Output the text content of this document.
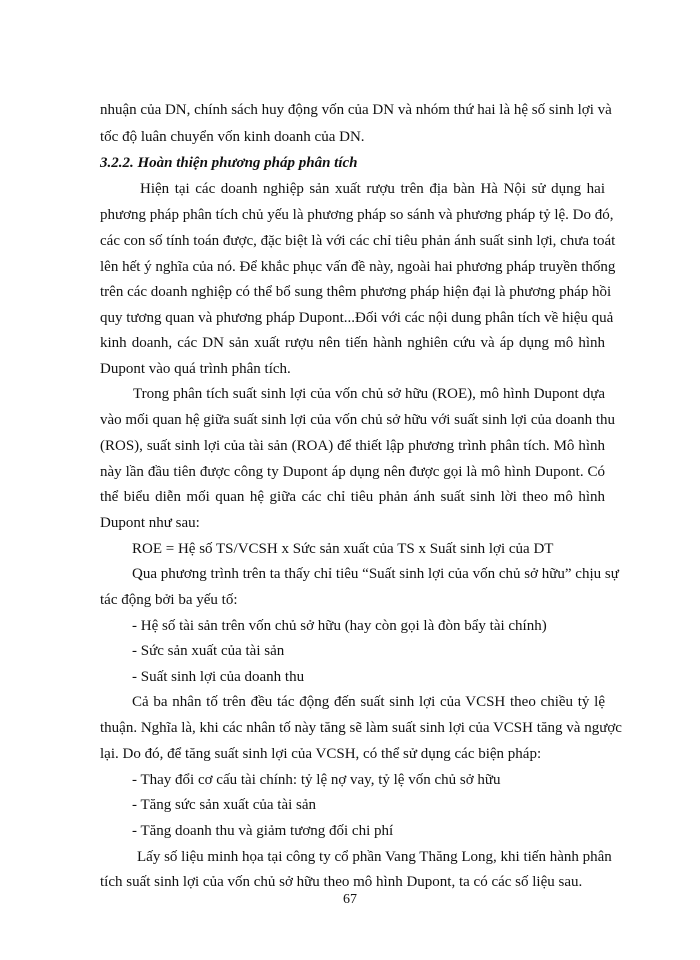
nhuận của DN, chính sách huy động vốn của DN và nhóm thứ hai là hệ số sinh lợi và

tốc độ luân chuyển vốn kinh doanh của DN.

3.2.2. Hoàn thiện phương pháp phân tích

Hiện tại các doanh nghiệp sản xuất rượu trên địa bàn Hà Nội sử dụng hai

phương pháp phân tích chủ yếu là phương pháp so sánh và phương pháp tỷ lệ. Do đó,

các con số tính toán được, đặc biệt là với các chỉ tiêu phản ánh suất sinh lợi, chưa toát

lên hết ý nghĩa của nó. Để khắc phục vấn đề này, ngoài hai phương pháp truyền thống

trên các doanh nghiệp có thể bổ sung thêm phương pháp hiện đại là phương pháp hồi

quy tương quan và phương pháp Dupont...Đối với các nội dung phân tích về hiệu quả

kinh doanh, các DN sản xuất rượu nên tiến hành nghiên cứu và áp dụng mô hình

Dupont vào quá trình phân tích.

Trong phân tích suất sinh lợi của vốn chủ sở hữu (ROE), mô hình Dupont dựa

vào mối quan hệ giữa suất sinh lợi của vốn chủ sở hữu với suất sinh lợi của doanh thu

(ROS), suất sinh lợi của tài sản (ROA) để thiết lập phương trình phân tích. Mô hình

này lần đầu tiên được công ty Dupont áp dụng nên được gọi là mô hình Dupont. Có

thể biểu diễn mối quan hệ giữa các chỉ tiêu phản ánh suất sinh lời theo mô hình

Dupont như sau:

ROE = Hệ số TS/VCSH x Sức sản xuất của TS x Suất sinh lợi của DT

Qua phương trình trên ta thấy chỉ tiêu “Suất sinh lợi của vốn chủ sở hữu” chịu sự

tác động bởi ba yếu tố:

- Hệ số tài sản trên vốn chủ sở hữu (hay còn gọi là đòn bẩy tài chính)

- Sức sản xuất của tài sản

- Suất sinh lợi của doanh thu

Cả ba nhân tố trên đều tác động đến suất sinh lợi của VCSH theo chiều tỷ lệ

thuận. Nghĩa là, khi các nhân tố này tăng sẽ làm suất sinh lợi của VCSH tăng và ngược

lại. Do đó, để tăng suất sinh lợi của VCSH, có thể sử dụng các biện pháp:

- Thay đổi cơ cấu tài chính: tỷ lệ nợ vay, tỷ lệ vốn chủ sở hữu

- Tăng sức sản xuất của tài sản

- Tăng doanh thu và giảm tương đối chi phí

Lấy số liệu minh họa tại công ty cổ phần Vang Thăng Long, khi tiến hành phân

tích suất sinh lợi của vốn chủ sở hữu theo mô hình Dupont, ta có các số liệu sau.

67
